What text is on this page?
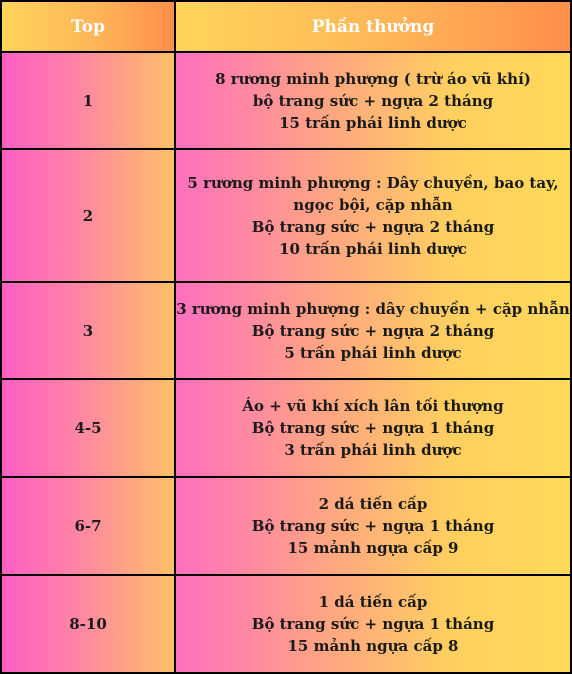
Top	Phần thưởng
1
8 rương minh phượng ( trừ áo vũ khí)
bộ trang sức + ngựa 2 tháng
15 trấn phái linh dược
2
5 rương minh phượng : Dây chuyền, bao tay,
ngọc bội, cặp nhẫn
Bộ trang sức + ngựa 2 tháng
10 trấn phái linh dược
3
3 rương minh phượng : dây chuyền + cặp nhẫn
Bộ trang sức + ngựa 2 tháng
5 trấn phái linh dược
4-5
Áo + vũ khí xích lân tối thượng
Bộ trang sức + ngựa 1 tháng
3 trấn phái linh dược
6-7
2 dá tiến cấp
Bộ trang sức + ngựa 1 tháng
15 mảnh ngựa cấp 9
8-10
1 dá tiến cấp
Bộ trang sức + ngựa 1 tháng
15 mảnh ngựa cấp 8
